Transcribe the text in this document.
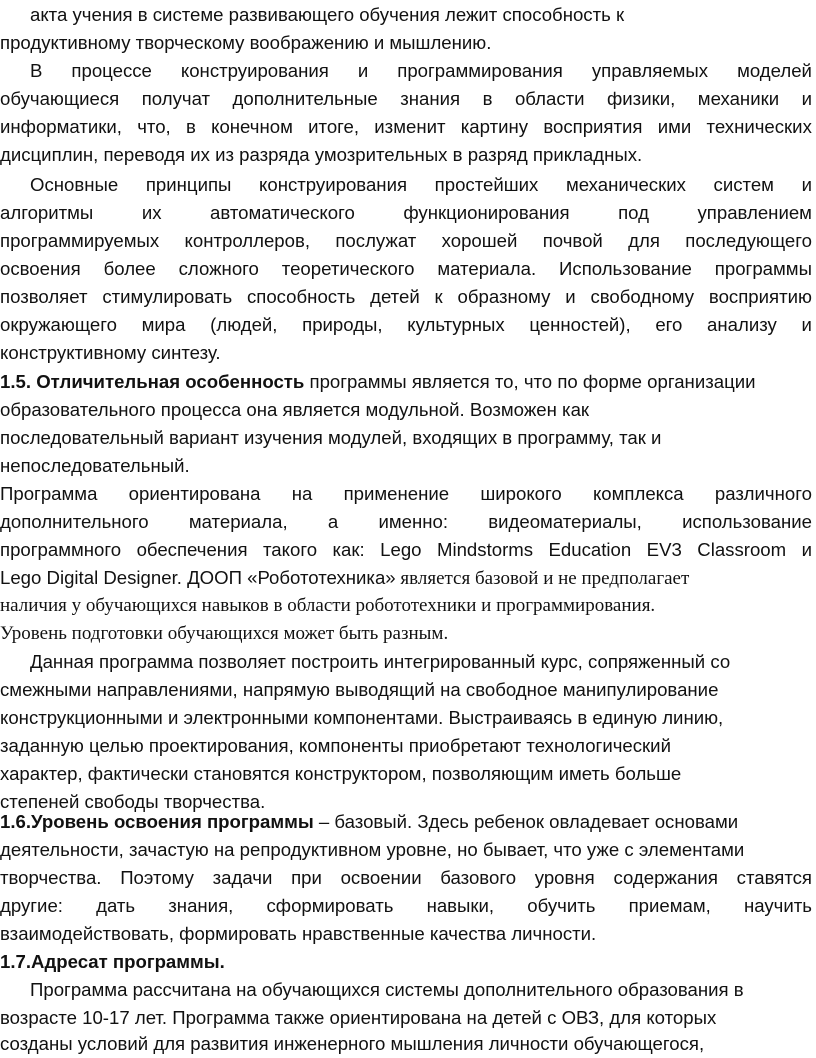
акта учения в системе развивающего обучения лежит способность к
продуктивному творческому воображению и мышлению.
В процессе конструирования и программирования управляемых моделей
обучающиеся получат дополнительные знания в области физики, механики и
информатики, что, в конечном итоге, изменит картину восприятия ими технических
дисциплин, переводя их из разряда умозрительных в разряд прикладных.
Основные принципы конструирования простейших механических систем и
алгоритмы	их	автоматического	функционирования	под	управлением
программируемых контроллеров, послужат хорошей почвой для последующего
освоения более сложного теоретического материала. Использование программы
позволяет стимулировать способность детей к образному и свободному восприятию
окружающего мира (людей, природы, культурных ценностей), его анализу и
конструктивному синтезу.
1.5. Отличительная особенность программы является то, что по форме организации
образовательного процесса она является модульной. Возможен как
последовательный вариант изучения модулей, входящих в программу, так и
непоследовательный.
Программа ориентирована на применение широкого комплекса различного
дополнительного материала, а именно: видеоматериалы, использование
программного обеспечения такого как: Lego Mindstorms Education EV3 Classroom и
Lego Digital Designer. ДООП «Робототехника» является базовой и не предполагает
наличия у обучающихся навыков в области робототехники и программирования.
Уровень подготовки обучающихся может быть разным.
Данная программа позволяет построить интегрированный курс, сопряженный со
смежными направлениями, напрямую выводящий на свободное манипулирование
конструкционными и электронными компонентами. Выстраиваясь в единую линию,
заданную целью проектирования, компоненты приобретают технологический
характер, фактически становятся конструктором, позволяющим иметь больше
степеней свободы творчества.
1.6.Уровень освоения программы – базовый. Здесь ребенок овладевает основами
деятельности, зачастую на репродуктивном уровне, но бывает, что уже с элементами
творчества. Поэтому задачи при освоении базового уровня содержания ставятся
другие: дать знания, сформировать навыки, обучить приемам, научить
взаимодействовать, формировать нравственные качества личности.
1.7.Адресат программы.
Программа рассчитана на обучающихся системы дополнительного образования в
возрасте 10-17 лет. Программа также ориентирована на детей с ОВЗ, для которых
созданы условий для развития инженерного мышления личности обучающегося,
